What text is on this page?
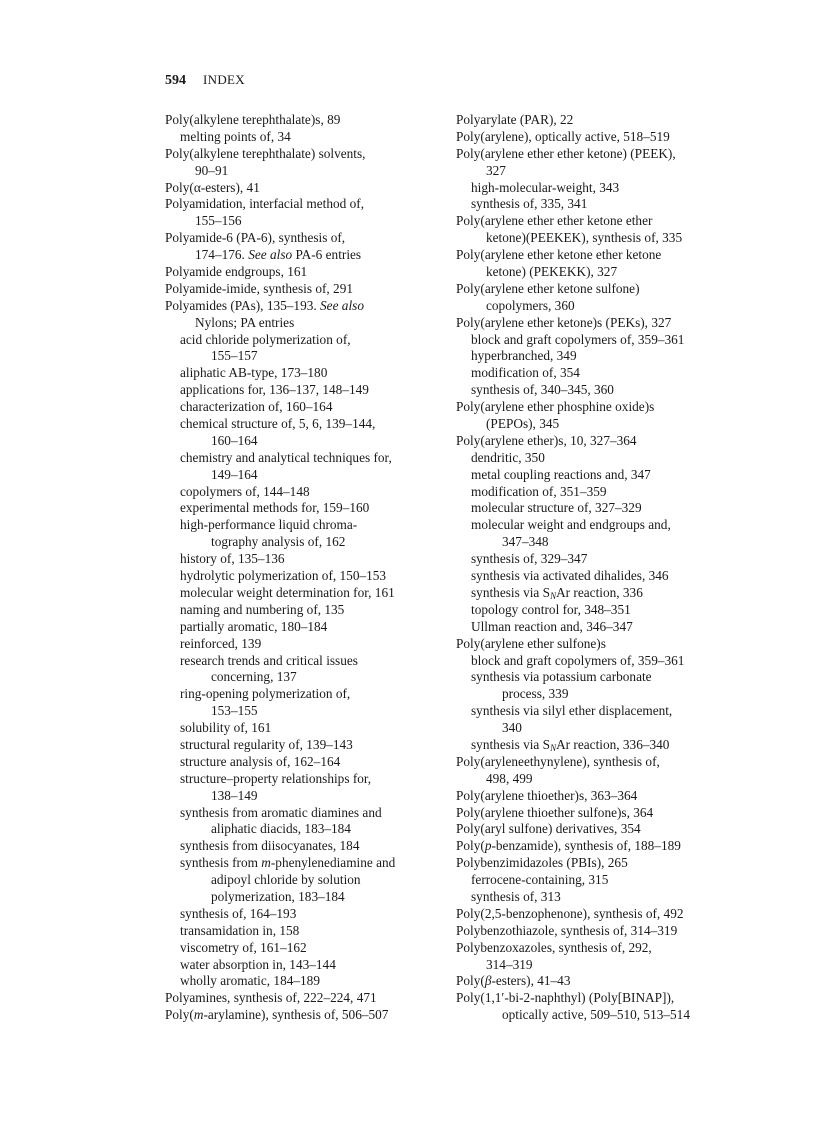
594 INDEX
Poly(alkylene terephthalate)s, 89
melting points of, 34
Poly(alkylene terephthalate) solvents,
90–91
Poly(α-esters), 41
Polyamidation, interfacial method of,
155–156
Polyamide-6 (PA-6), synthesis of,
174–176. See also PA-6 entries
Polyamide endgroups, 161
Polyamide-imide, synthesis of, 291
Polyamides (PAs), 135–193. See also
Nylons; PA entries
acid chloride polymerization of,
155–157
aliphatic AB-type, 173–180
applications for, 136–137, 148–149
characterization of, 160–164
chemical structure of, 5, 6, 139–144,
160–164
chemistry and analytical techniques for,
149–164
copolymers of, 144–148
experimental methods for, 159–160
high-performance liquid chroma-
tography analysis of, 162
history of, 135–136
hydrolytic polymerization of, 150–153
molecular weight determination for, 161
naming and numbering of, 135
partially aromatic, 180–184
reinforced, 139
research trends and critical issues
concerning, 137
ring-opening polymerization of,
153–155
solubility of, 161
structural regularity of, 139–143
structure analysis of, 162–164
structure–property relationships for,
138–149
synthesis from aromatic diamines and
aliphatic diacids, 183–184
synthesis from diisocyanates, 184
synthesis from m-phenylenediamine and
adipoyl chloride by solution
polymerization, 183–184
synthesis of, 164–193
transamidation in, 158
viscometry of, 161–162
water absorption in, 143–144
wholly aromatic, 184–189
Polyamines, synthesis of, 222–224, 471
Poly(m-arylamine), synthesis of, 506–507
Polyarylate (PAR), 22
Poly(arylene), optically active, 518–519
Poly(arylene ether ether ketone) (PEEK),
327
high-molecular-weight, 343
synthesis of, 335, 341
Poly(arylene ether ether ketone ether
ketone)(PEEKEK), synthesis of, 335
Poly(arylene ether ketone ether ketone
ketone) (PEKEKK), 327
Poly(arylene ether ketone sulfone)
copolymers, 360
Poly(arylene ether ketone)s (PEKs), 327
block and graft copolymers of, 359–361
hyperbranched, 349
modification of, 354
synthesis of, 340–345, 360
Poly(arylene ether phosphine oxide)s
(PEPOs), 345
Poly(arylene ether)s, 10, 327–364
dendritic, 350
metal coupling reactions and, 347
modification of, 351–359
molecular structure of, 327–329
molecular weight and endgroups and,
347–348
synthesis of, 329–347
synthesis via activated dihalides, 346
synthesis via $S_NAr$ reaction, 336
topology control for, 348–351
Ullman reaction and, 346–347
Poly(arylene ether sulfone)s
block and graft copolymers of, 359–361
synthesis via potassium carbonate
process, 339
synthesis via silyl ether displacement,
340
synthesis via $S_NAr$ reaction, 336–340
Poly(aryleneethynylene), synthesis of,
498, 499
Poly(arylene thioether)s, 363–364
Poly(arylene thioether sulfone)s, 364
Poly(aryl sulfone) derivatives, 354
Poly(p-benzamide), synthesis of, 188–189
Polybenzimidazoles (PBIs), 265
ferrocene-containing, 315
synthesis of, 313
Poly(2,5-benzophenone), synthesis of, 492
Polybenzothiazole, synthesis of, 314–319
Polybenzoxazoles, synthesis of, 292,
314–319
Poly(β-esters), 41–43
Poly(1,1′-bi-2-naphthyl) (Poly[BINAP]),
optically active, 509–510, 513–514
